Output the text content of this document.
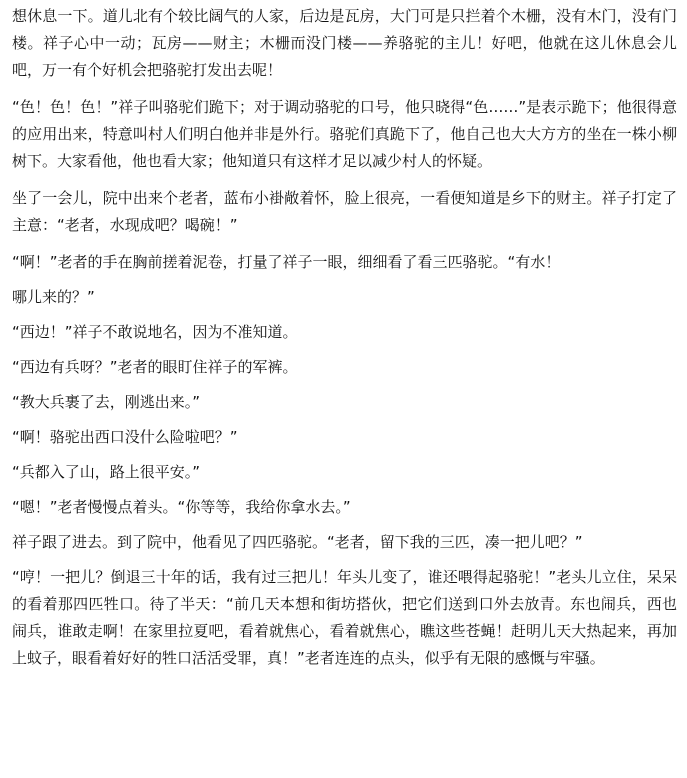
想休息一下。道儿北有个较比阔气的人家，后边是瓦房，大门可是只拦着个木栅，没有木门，没有门楼。祥子心中一动；瓦房——财主；木栅而没门楼——养骆驼的主儿！好吧，他就在这儿休息会儿吧，万一有个好机会把骆驼打发出去呢！

“色！色！色！”祥子叫骆驼们跪下；对于调动骆驼的口号，他只晓得“色……”是表示跪下；他很得意的应用出来，特意叫村人们明白他并非是外行。骆驼们真跪下了，他自己也大大方方的坐在一株小柳树下。大家看他，他也看大家；他知道只有这样才足以减少村人的怀疑。

坐了一会儿，院中出来个老者，蓝布小褂敞着怀，脸上很亮，一看便知道是乡下的财主。祥子打定了主意：“老者，水现成吧？喝碗！”

“啊！”老者的手在胸前搓着泥卷，打量了祥子一眼，细细看了看三匹骆驼。“有水！

哪儿来的？”

“西边！”祥子不敢说地名，因为不准知道。

“西边有兵呀？”老者的眼盯住祥子的军裤。

“教大兵裹了去，刚逃出来。”

“啊！骆驼出西口没什么险啦吧？”

“兵都入了山，路上很平安。”

“嗯！”老者慢慢点着头。“你等等，我给你拿水去。”

祥子跟了进去。到了院中，他看见了四匹骆驼。“老者，留下我的三匹，凑一把儿吧？”

“哼！一把儿？倒退三十年的话，我有过三把儿！年头儿变了，谁还喂得起骆驼！”老头儿立住，呆呆的看着那四匹牲口。待了半天：“前几天本想和街坊搭伙，把它们送到口外去放青。东也闹兵，西也闹兵，谁敢走啊！在家里拉夏吧，看着就焦心，看着就焦心，瞧这些苍蝇！赶明儿天大热起来，再加上蚊子，眼看着好好的牲口活活受罪，真！”老者连连的点头，似乎有无限的感慨与牢骚。
